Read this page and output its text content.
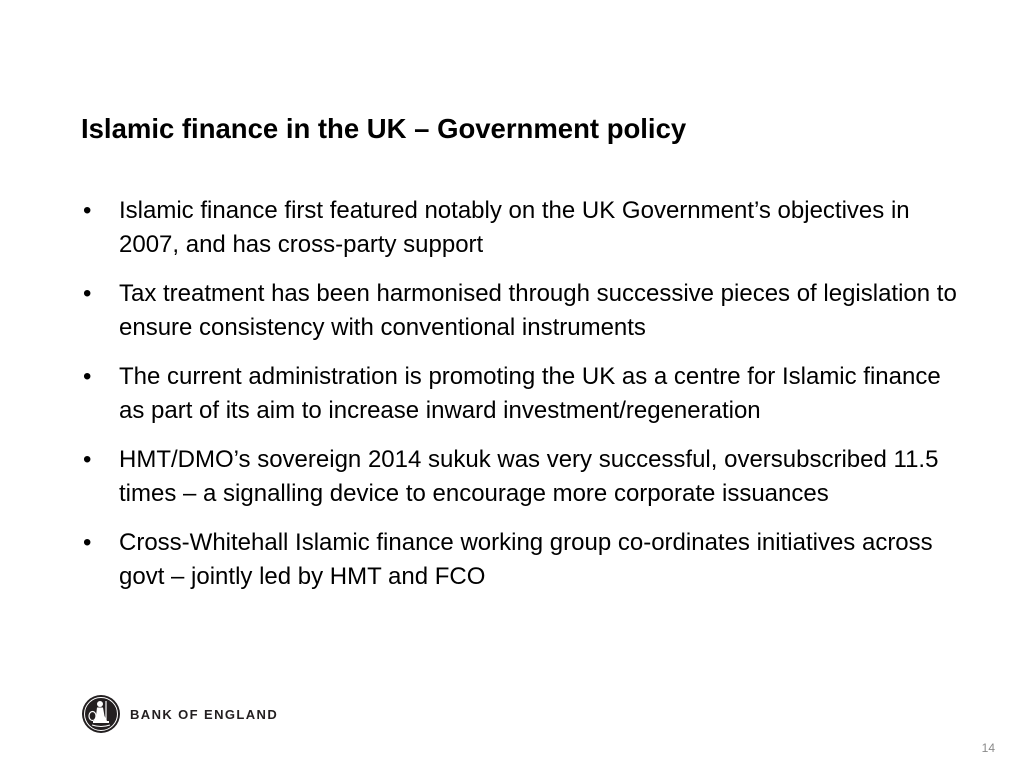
Islamic finance in the UK – Government policy
• Islamic finance first featured notably on the UK Government’s objectives in 2007, and has cross-party support
• Tax treatment has been harmonised through successive pieces of legislation to ensure consistency with conventional instruments
• The current administration is promoting the UK as a centre for Islamic finance as part of its aim to increase inward investment/regeneration
• HMT/DMO’s sovereign 2014 sukuk was very successful, oversubscribed 11.5 times – a signalling device to encourage more corporate issuances
• Cross-Whitehall Islamic finance working group co-ordinates initiatives across govt – jointly led by HMT and FCO
BANK OF ENGLAND
14
